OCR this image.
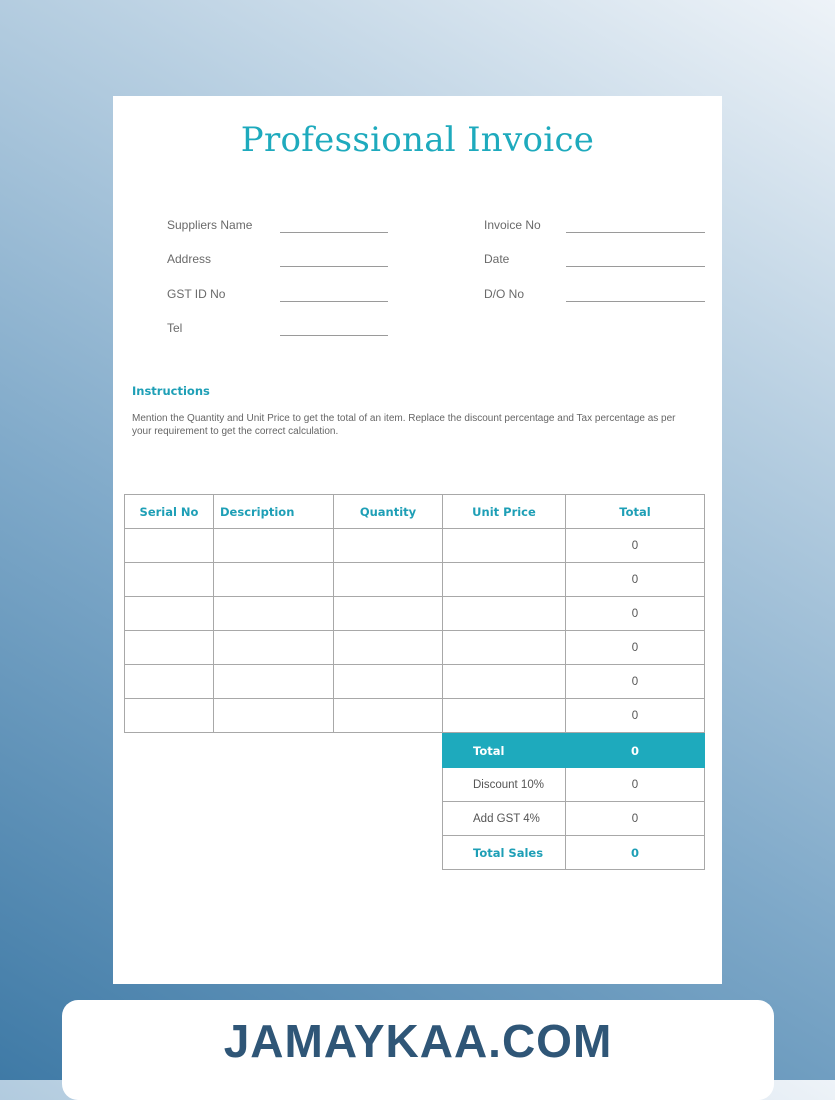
Professional Invoice
Suppliers Name
Address
GST ID No
Tel
Invoice No
Date
D/O No
Instructions
Mention the Quantity and Unit Price to get the total of an item. Replace the discount percentage and Tax percentage as per your requirement to get the correct calculation.
Serial No	Description	Quantity	Unit Price	Total
				0
				0
				0
				0
				0
				0
Total	0
Discount 10%	0
Add GST 4%	0
Total Sales	0
JAMAYKAA.COM
